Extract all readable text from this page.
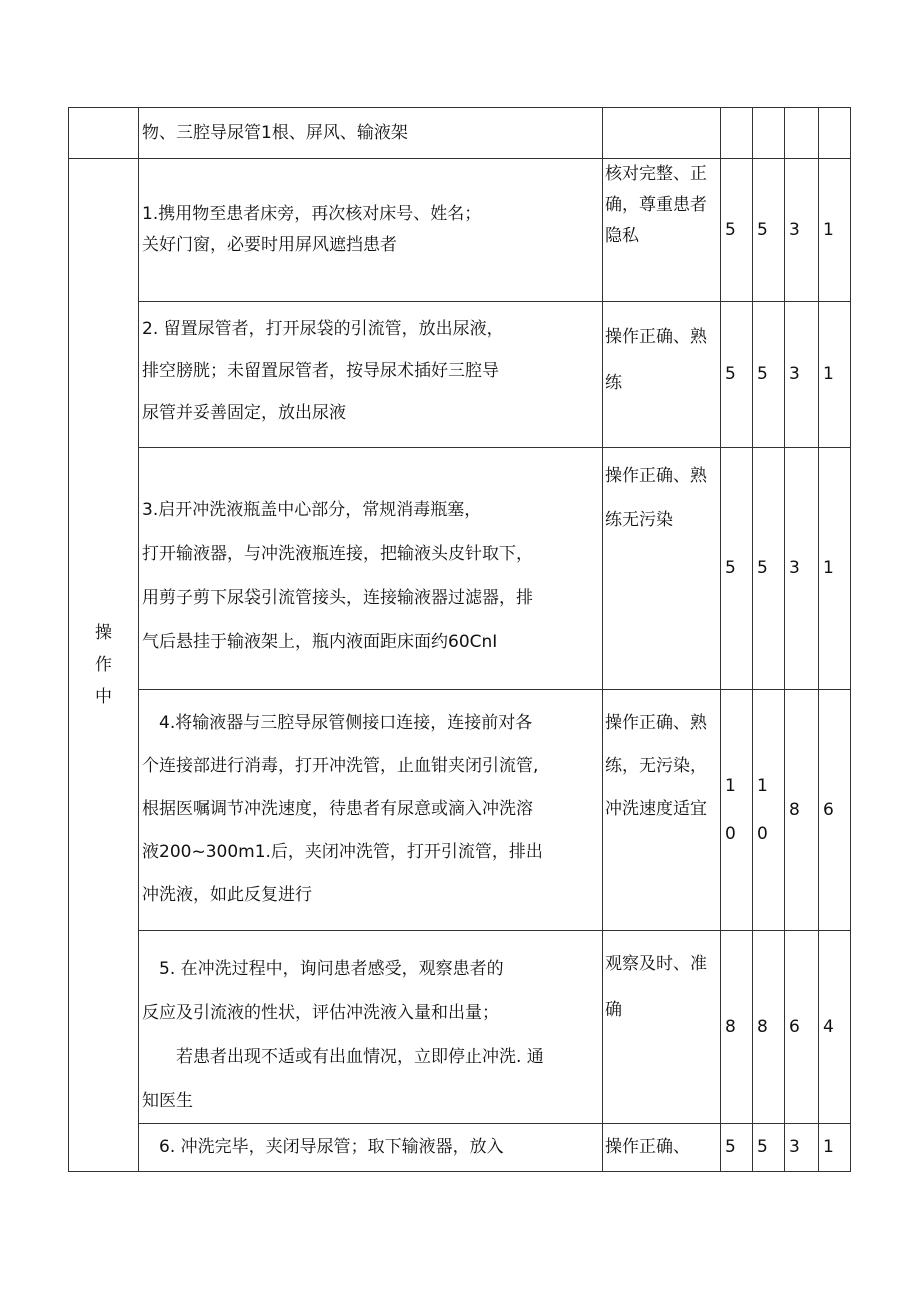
	物、三腔导尿管1根、屏风、输液架					

操作中	1.携用物至患者床旁，再次核对床号、姓名；
关好门窗，必要时用屏风遮挡患者	核对完整、正确，尊重患者隐私	5	5	3	1

	2. 留置尿管者，打开尿袋的引流管，放出尿液，
排空膀胱；未留置尿管者，按导尿术插好三腔导
尿管并妥善固定，放出尿液	操作正确、熟练	5	5	3	1

	3.启开冲洗液瓶盖中心部分，常规消毒瓶塞，
打开输液器，与冲洗液瓶连接，把输液头皮针取下，
用剪子剪下尿袋引流管接头，连接输液器过滤器，排
气后悬挂于输液架上，瓶内液面距床面约60CnI	操作正确、熟练无污染	5	5	3	1

	　4.将输液器与三腔导尿管侧接口连接，连接前对各
个连接部进行消毒，打开冲洗管，止血钳夹闭引流管,
根据医嘱调节冲洗速度，待患者有尿意或滴入冲洗溶
液200~300m1.后，夹闭冲洗管，打开引流管，排出
冲洗液，如此反复进行	操作正确、熟练，无污染，冲洗速度适宜	10	10	8	6

	　5. 在冲洗过程中，询问患者感受，观察患者的
反应及引流液的性状，评估冲洗液入量和出量；
　　若患者出现不适或有出血情况，立即停止冲洗. 通
知医生	观察及时、准确	8	8	6	4

	　6. 冲洗完毕，夹闭导尿管；取下输液器，放入	操作正确、	5	5	3	1
